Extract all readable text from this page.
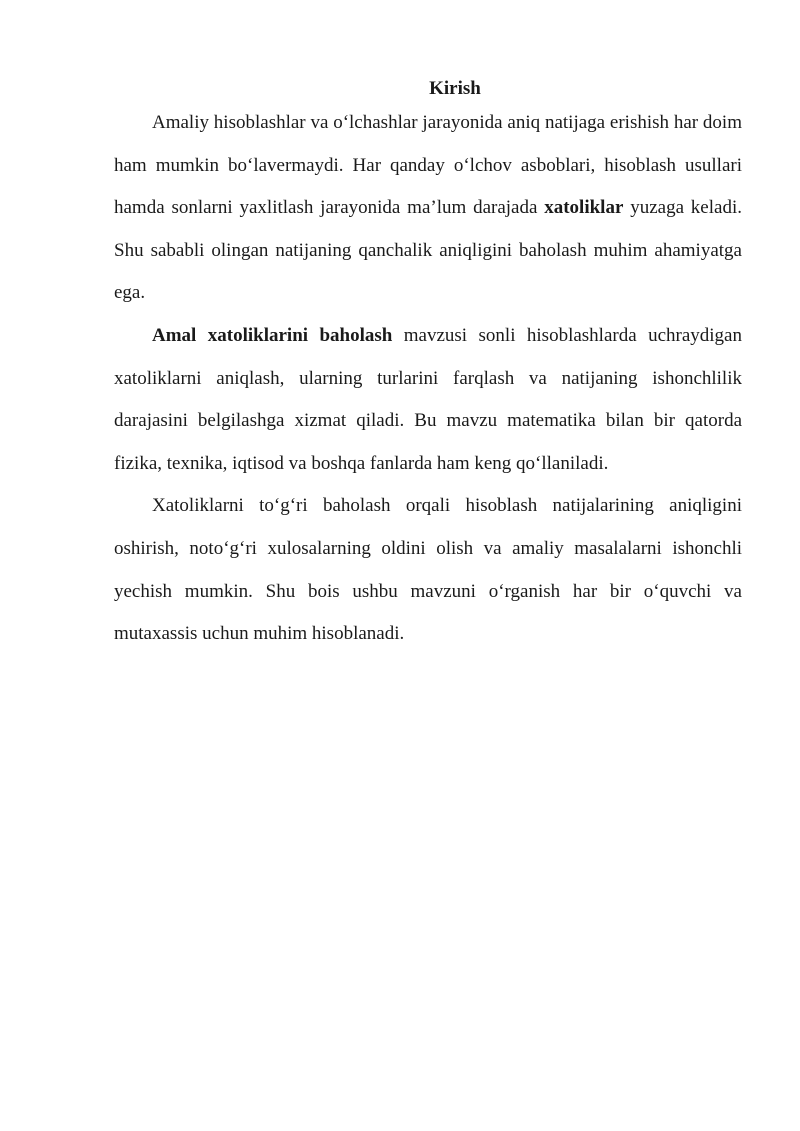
Kirish

Amaliy hisoblashlar va o‘lchashlar jarayonida aniq natijaga erishish har doim ham mumkin bo‘lavermaydi. Har qanday o‘lchov asboblari, hisoblash usullari hamda sonlarni yaxlitlash jarayonida ma’lum darajada xatoliklar yuzaga keladi. Shu sababli olingan natijaning qanchalik aniqligini baholash muhim ahamiyatga ega.

Amal xatoliklarini baholash mavzusi sonli hisoblashlarda uchraydigan xatoliklarni aniqlash, ularning turlarini farqlash va natijaning ishonchlilik darajasini belgilashga xizmat qiladi. Bu mavzu matematika bilan bir qatorda fizika, texnika, iqtisod va boshqa fanlarda ham keng qo‘llaniladi.

Xatoliklarni to‘g‘ri baholash orqali hisoblash natijalarining aniqligini oshirish, noto‘g‘ri xulosalarning oldini olish va amaliy masalalarni ishonchli yechish mumkin. Shu bois ushbu mavzuni o‘rganish har bir o‘quvchi va mutaxassis uchun muhim hisoblanadi.
